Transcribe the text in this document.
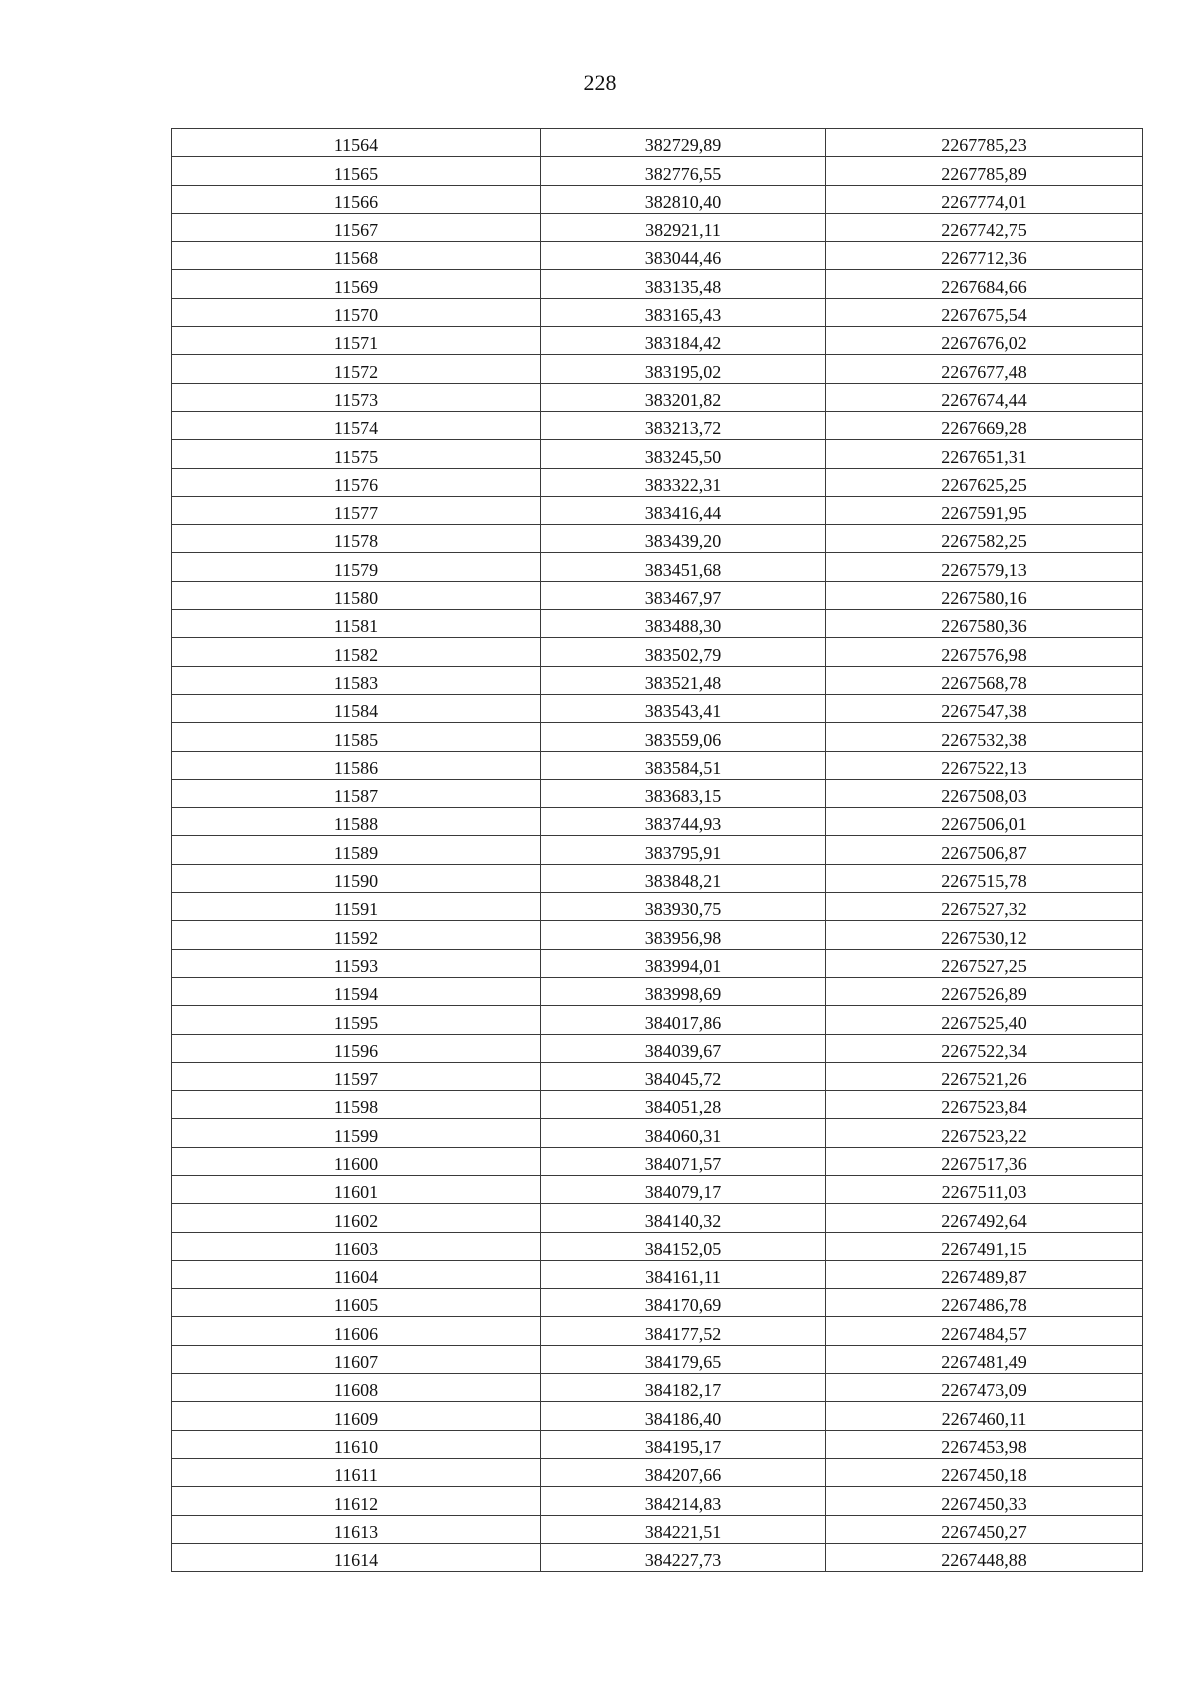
228
11564	382729,89	2267785,23
11565	382776,55	2267785,89
11566	382810,40	2267774,01
11567	382921,11	2267742,75
11568	383044,46	2267712,36
11569	383135,48	2267684,66
11570	383165,43	2267675,54
11571	383184,42	2267676,02
11572	383195,02	2267677,48
11573	383201,82	2267674,44
11574	383213,72	2267669,28
11575	383245,50	2267651,31
11576	383322,31	2267625,25
11577	383416,44	2267591,95
11578	383439,20	2267582,25
11579	383451,68	2267579,13
11580	383467,97	2267580,16
11581	383488,30	2267580,36
11582	383502,79	2267576,98
11583	383521,48	2267568,78
11584	383543,41	2267547,38
11585	383559,06	2267532,38
11586	383584,51	2267522,13
11587	383683,15	2267508,03
11588	383744,93	2267506,01
11589	383795,91	2267506,87
11590	383848,21	2267515,78
11591	383930,75	2267527,32
11592	383956,98	2267530,12
11593	383994,01	2267527,25
11594	383998,69	2267526,89
11595	384017,86	2267525,40
11596	384039,67	2267522,34
11597	384045,72	2267521,26
11598	384051,28	2267523,84
11599	384060,31	2267523,22
11600	384071,57	2267517,36
11601	384079,17	2267511,03
11602	384140,32	2267492,64
11603	384152,05	2267491,15
11604	384161,11	2267489,87
11605	384170,69	2267486,78
11606	384177,52	2267484,57
11607	384179,65	2267481,49
11608	384182,17	2267473,09
11609	384186,40	2267460,11
11610	384195,17	2267453,98
11611	384207,66	2267450,18
11612	384214,83	2267450,33
11613	384221,51	2267450,27
11614	384227,73	2267448,88
